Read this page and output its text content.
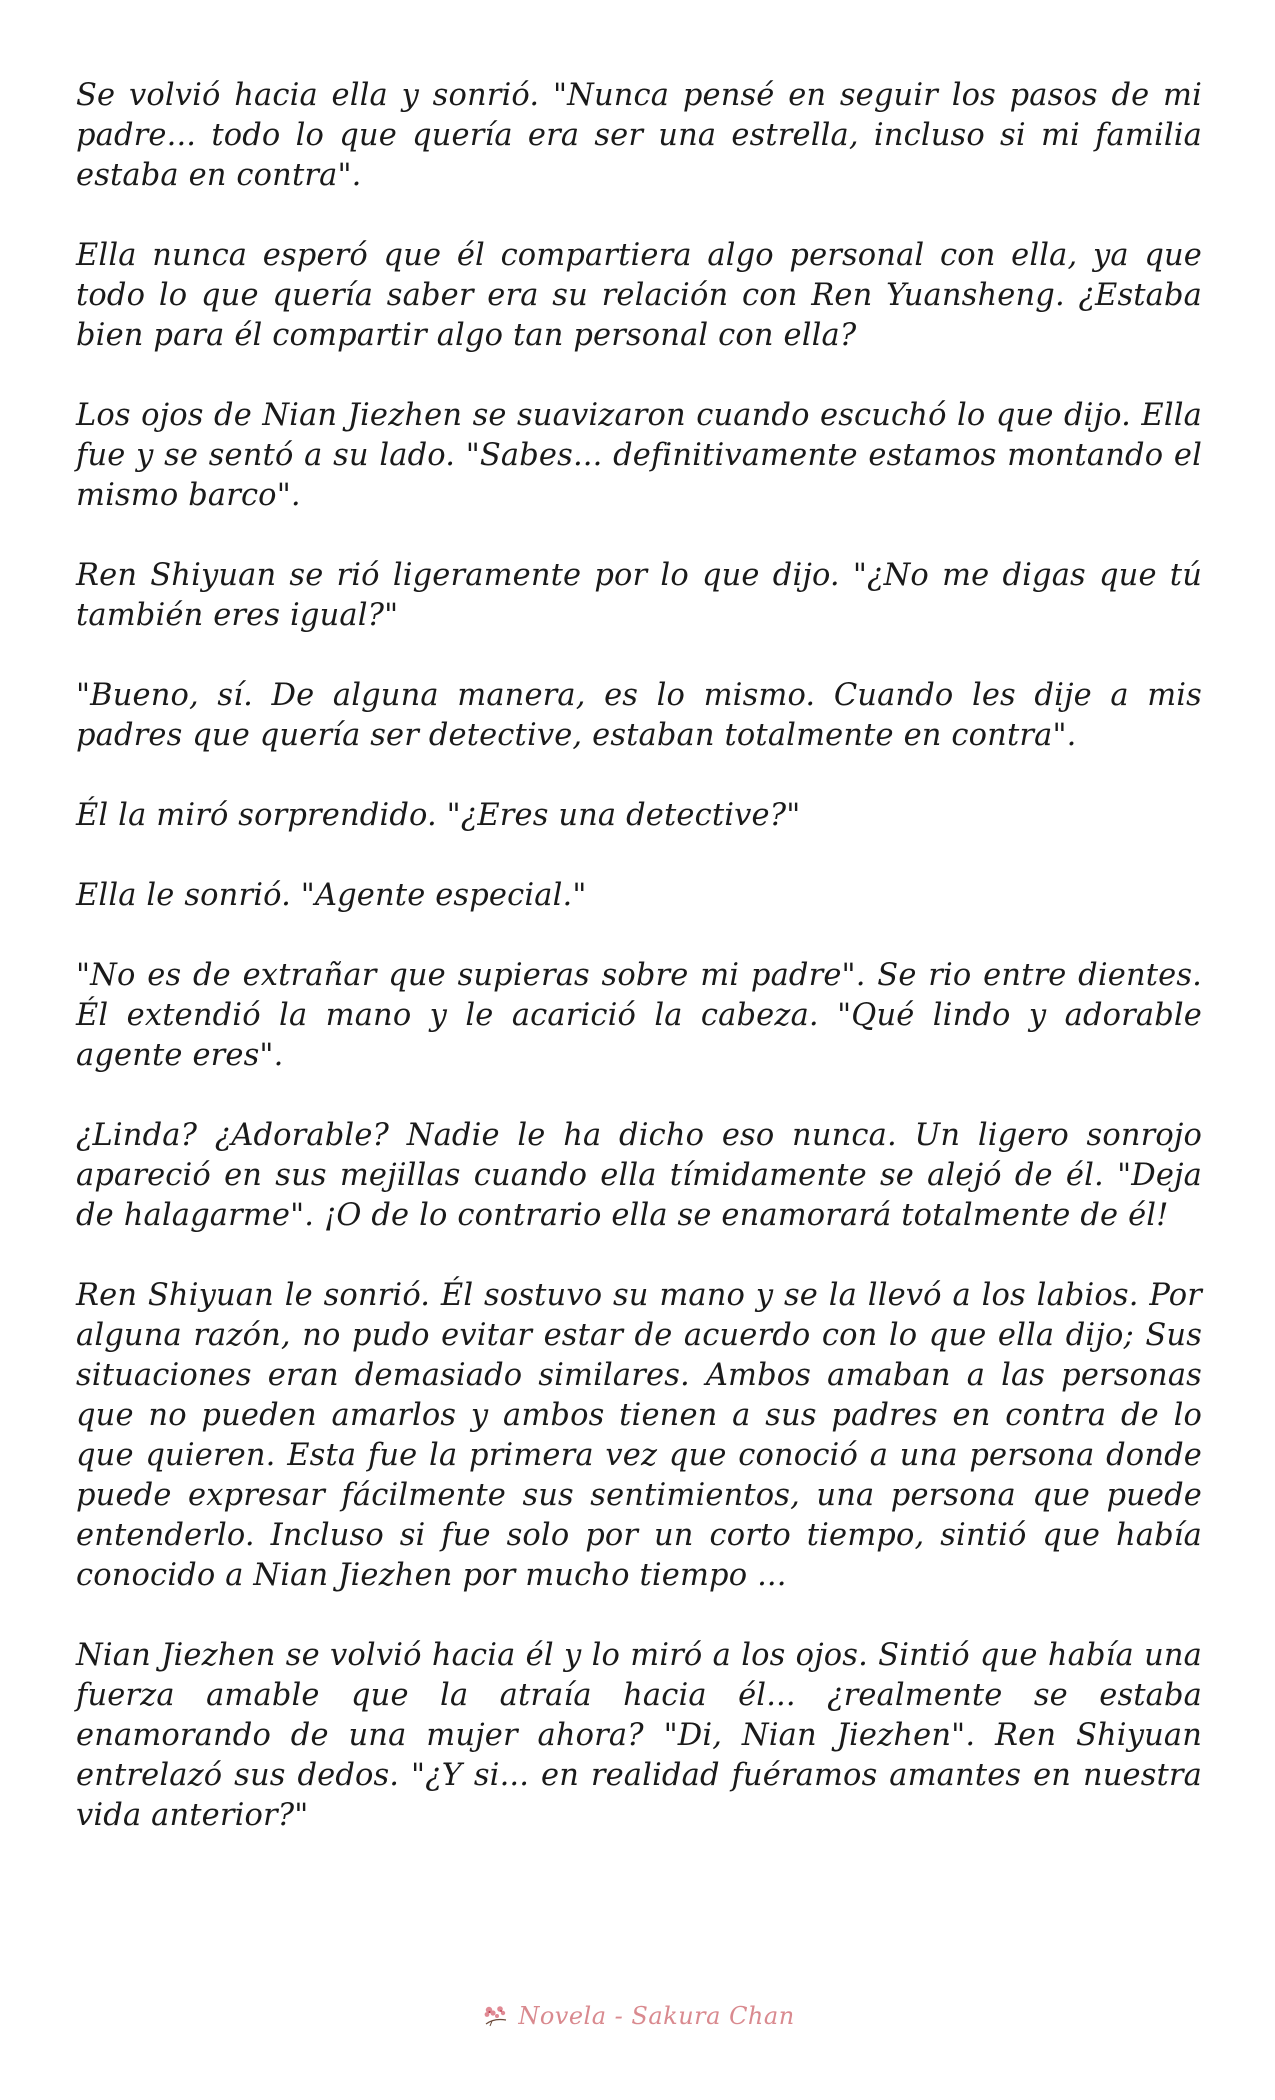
Se volvió hacia ella y sonrió. "Nunca pensé en seguir los pasos de mi padre... todo lo que quería era ser una estrella, incluso si mi familia estaba en contra".

Ella nunca esperó que él compartiera algo personal con ella, ya que todo lo que quería saber era su relación con Ren Yuansheng. ¿Estaba bien para él compartir algo tan personal con ella?

Los ojos de Nian Jiezhen se suavizaron cuando escuchó lo que dijo. Ella fue y se sentó a su lado. "Sabes... definitivamente estamos montando el mismo barco".

Ren Shiyuan se rió ligeramente por lo que dijo. "¿No me digas que tú también eres igual?"

"Bueno, sí. De alguna manera, es lo mismo. Cuando les dije a mis padres que quería ser detective, estaban totalmente en contra".

Él la miró sorprendido. "¿Eres una detective?"

Ella le sonrió. "Agente especial."

"No es de extrañar que supieras sobre mi padre". Se rio entre dientes. Él extendió la mano y le acarició la cabeza. "Qué lindo y adorable agente eres".

¿Linda? ¿Adorable? Nadie le ha dicho eso nunca. Un ligero sonrojo apareció en sus mejillas cuando ella tímidamente se alejó de él. "Deja de halagarme". ¡O de lo contrario ella se enamorará totalmente de él!

Ren Shiyuan le sonrió. Él sostuvo su mano y se la llevó a los labios. Por alguna razón, no pudo evitar estar de acuerdo con lo que ella dijo; Sus situaciones eran demasiado similares. Ambos amaban a las personas que no pueden amarlos y ambos tienen a sus padres en contra de lo que quieren. Esta fue la primera vez que conoció a una persona donde puede expresar fácilmente sus sentimientos, una persona que puede entenderlo. Incluso si fue solo por un corto tiempo, sintió que había conocido a Nian Jiezhen por mucho tiempo ...

Nian Jiezhen se volvió hacia él y lo miró a los ojos. Sintió que había una fuerza amable que la atraía hacia él... ¿realmente se estaba enamorando de una mujer ahora? "Di, Nian Jiezhen". Ren Shiyuan entrelazó sus dedos. "¿Y si... en realidad fuéramos amantes en nuestra vida anterior?"

Novela - Sakura Chan
